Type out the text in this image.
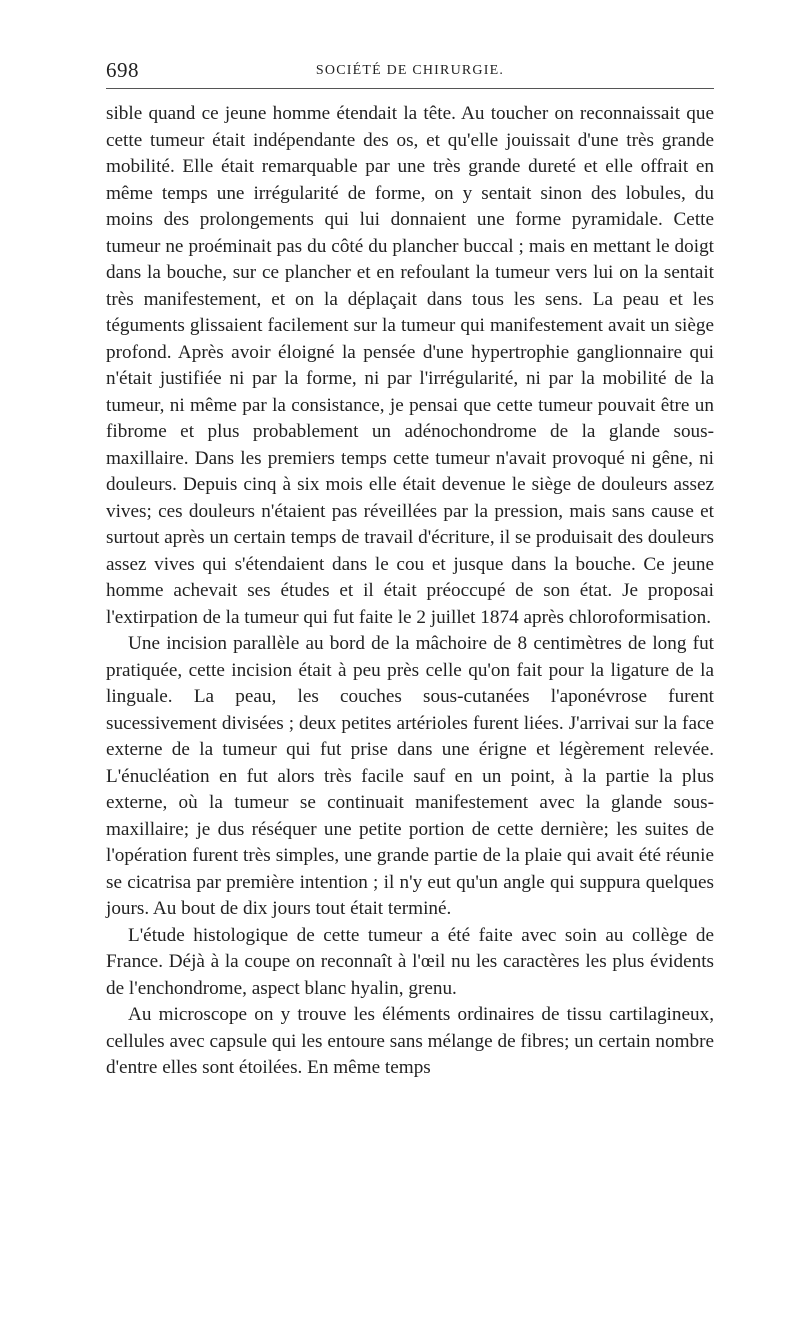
698	SOCIÉTÉ DE CHIRURGIE.

sible quand ce jeune homme étendait la tête. Au toucher on reconnaissait que cette tumeur était indépendante des os, et qu'elle jouissait d'une très grande mobilité. Elle était remarquable par une très grande dureté et elle offrait en même temps une irrégularité de forme, on y sentait sinon des lobules, du moins des prolongements qui lui donnaient une forme pyramidale. Cette tumeur ne proéminait pas du côté du plancher buccal ; mais en mettant le doigt dans la bouche, sur ce plancher et en refoulant la tumeur vers lui on la sentait très manifestement, et on la déplaçait dans tous les sens. La peau et les téguments glissaient facilement sur la tumeur qui manifestement avait un siège profond. Après avoir éloigné la pensée d'une hypertrophie ganglionnaire qui n'était justifiée ni par la forme, ni par l'irrégularité, ni par la mobilité de la tumeur, ni même par la consistance, je pensai que cette tumeur pouvait être un fibrome et plus probablement un adénochondrome de la glande sous-maxillaire. Dans les premiers temps cette tumeur n'avait provoqué ni gêne, ni douleurs. Depuis cinq à six mois elle était devenue le siège de douleurs assez vives; ces douleurs n'étaient pas réveillées par la pression, mais sans cause et surtout après un certain temps de travail d'écriture, il se produisait des douleurs assez vives qui s'étendaient dans le cou et jusque dans la bouche. Ce jeune homme achevait ses études et il était préoccupé de son état. Je proposai l'extirpation de la tumeur qui fut faite le 2 juillet 1874 après chloroformisation.

Une incision parallèle au bord de la mâchoire de 8 centimètres de long fut pratiquée, cette incision était à peu près celle qu'on fait pour la ligature de la linguale. La peau, les couches sous-cutanées l'aponévrose furent sucessivement divisées ; deux petites artérioles furent liées. J'arrivai sur la face externe de la tumeur qui fut prise dans une érigne et légèrement relevée. L'énucléation en fut alors très facile sauf en un point, à la partie la plus externe, où la tumeur se continuait manifestement avec la glande sous-maxillaire; je dus réséquer une petite portion de cette dernière; les suites de l'opération furent très simples, une grande partie de la plaie qui avait été réunie se cicatrisa par première intention ; il n'y eut qu'un angle qui suppura quelques jours. Au bout de dix jours tout était terminé.

L'étude histologique de cette tumeur a été faite avec soin au collège de France. Déjà à la coupe on reconnaît à l'œil nu les caractères les plus évidents de l'enchondrome, aspect blanc hyalin, grenu.

Au microscope on y trouve les éléments ordinaires de tissu cartilagineux, cellules avec capsule qui les entoure sans mélange de fibres; un certain nombre d'entre elles sont étoilées. En même temps
